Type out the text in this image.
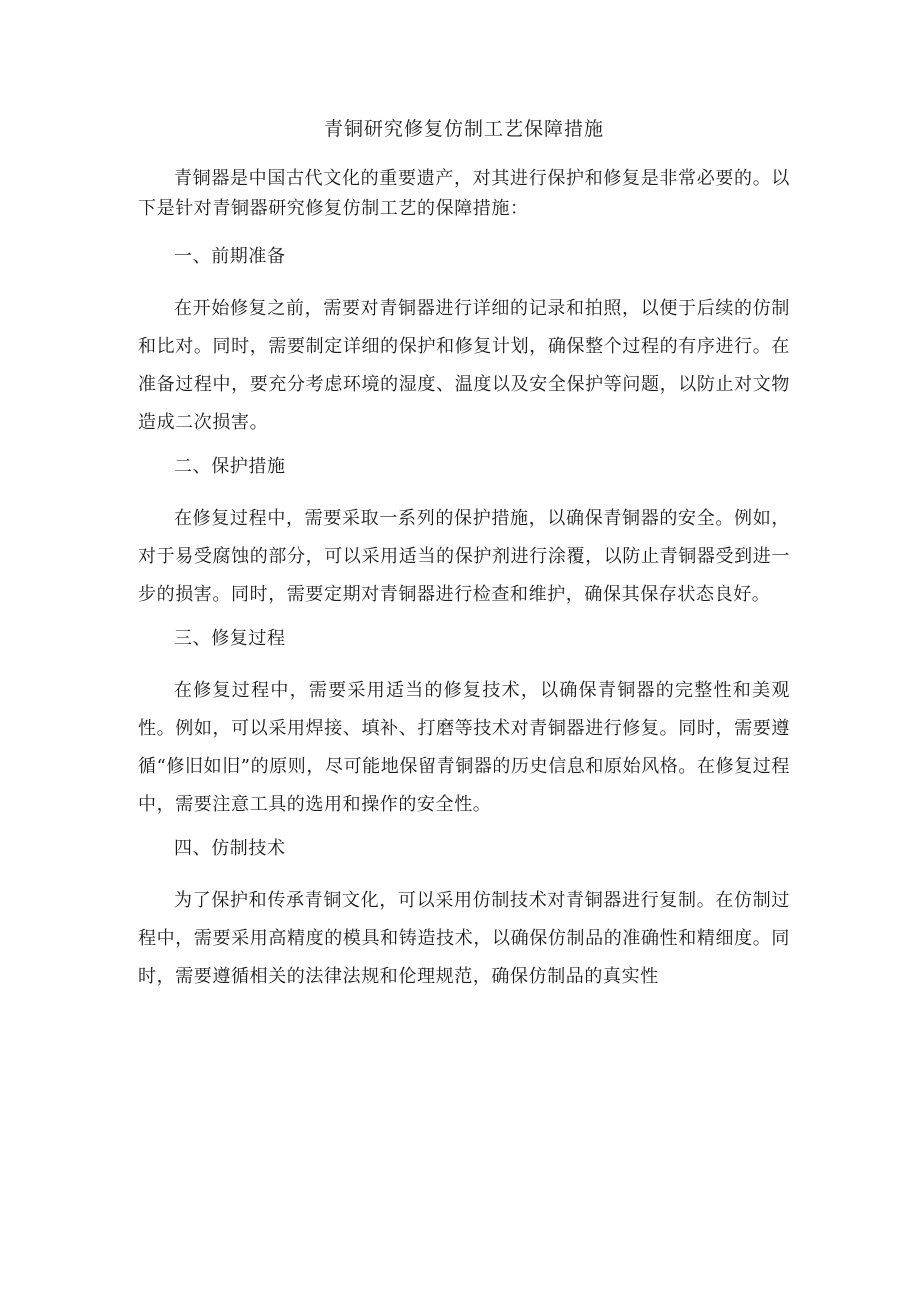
青铜研究修复仿制工艺保障措施

青铜器是中国古代文化的重要遗产，对其进行保护和修复是非常必要的。以下是针对青铜器研究修复仿制工艺的保障措施：

一、前期准备

在开始修复之前，需要对青铜器进行详细的记录和拍照，以便于后续的仿制和比对。同时，需要制定详细的保护和修复计划，确保整个过程的有序进行。在准备过程中，要充分考虑环境的湿度、温度以及安全保护等问题，以防止对文物造成二次损害。

二、保护措施

在修复过程中，需要采取一系列的保护措施，以确保青铜器的安全。例如，对于易受腐蚀的部分，可以采用适当的保护剂进行涂覆，以防止青铜器受到进一步的损害。同时，需要定期对青铜器进行检查和维护，确保其保存状态良好。

三、修复过程

在修复过程中，需要采用适当的修复技术，以确保青铜器的完整性和美观性。例如，可以采用焊接、填补、打磨等技术对青铜器进行修复。同时，需要遵循“修旧如旧”的原则，尽可能地保留青铜器的历史信息和原始风格。在修复过程中，需要注意工具的选用和操作的安全性。

四、仿制技术

为了保护和传承青铜文化，可以采用仿制技术对青铜器进行复制。在仿制过程中，需要采用高精度的模具和铸造技术，以确保仿制品的准确性和精细度。同时，需要遵循相关的法律法规和伦理规范，确保仿制品的真实性
